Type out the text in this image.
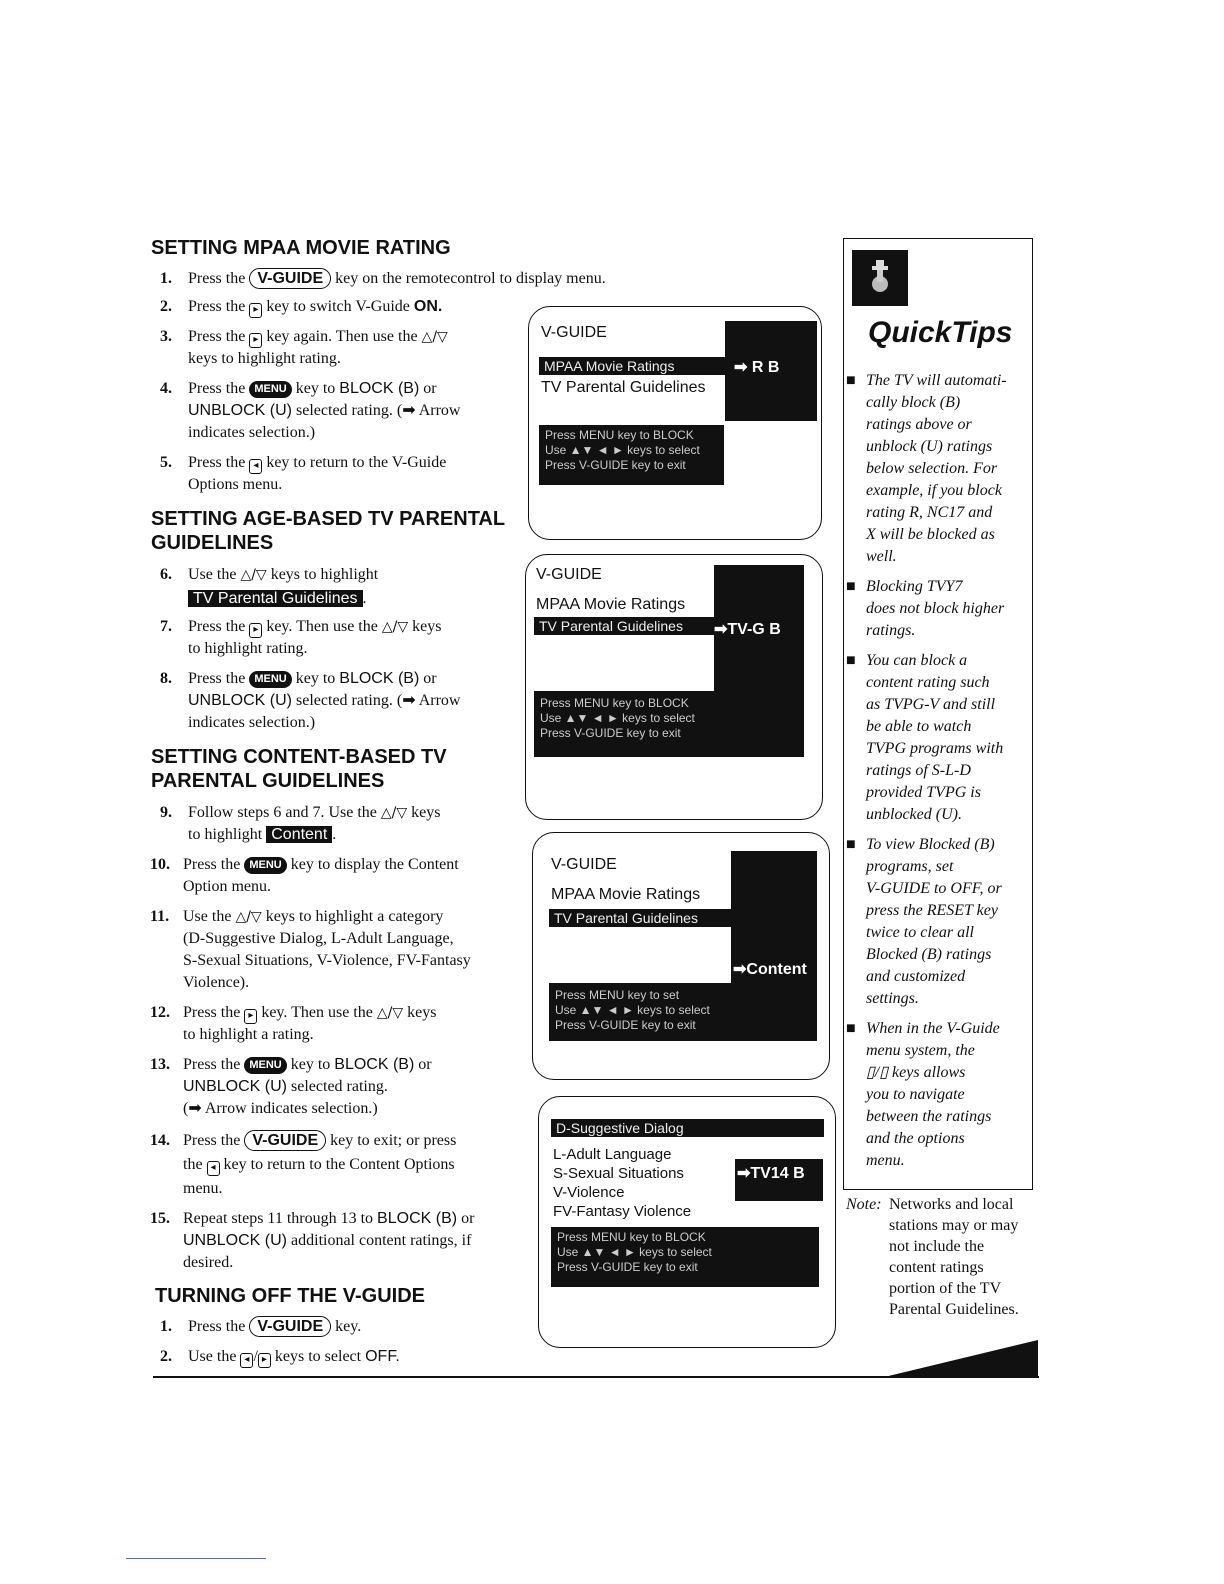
SETTING MPAA MOVIE RATING
1. Press the V-GUIDE key on the remotecontrol to display menu.
2. Press the ▸ key to switch V-Guide ON.
3. Press the ▸ key again. Then use the △/▽
keys to highlight rating.
4. Press the MENU key to BLOCK (B) or
UNBLOCK (U) selected rating. (➡ Arrow
indicates selection.)
5. Press the ◂ key to return to the V-Guide
Options menu.
SETTING AGE-BASED TV PARENTAL
GUIDELINES
6. Use the △/▽ keys to highlight
TV Parental Guidelines .
7. Press the ▸ key. Then use the △/▽ keys
to highlight rating.
8. Press the MENU key to BLOCK (B) or
UNBLOCK (U) selected rating. (➡ Arrow
indicates selection.)
SETTING CONTENT-BASED TV
PARENTAL GUIDELINES
9. Follow steps 6 and 7. Use the △/▽ keys
to highlight Content .
10. Press the MENU key to display the Content
Option menu.
11. Use the △/▽ keys to highlight a category
(D-Suggestive Dialog, L-Adult Language,
S-Sexual Situations, V-Violence, FV-Fantasy
Violence).
12. Press the ▸ key. Then use the △/▽ keys
to highlight a rating.
13. Press the MENU key to BLOCK (B) or
UNBLOCK (U) selected rating.
(➡ Arrow indicates selection.)
14. Press the V-GUIDE key to exit; or press
the ◂ key to return to the Content Options
menu.
15. Repeat steps 11 through 13 to BLOCK (B) or
UNBLOCK (U) additional content ratings, if
desired.
TURNING OFF THE V-GUIDE
1. Press the V-GUIDE key.
2. Use the ◂ / ▸ keys to select OFF.
V-GUIDE
MPAA Movie Ratings	➡ R B
TV Parental Guidelines
Press MENU key to BLOCK
Use ▲▼ ◄ ► keys to select
Press V-GUIDE key to exit
V-GUIDE
MPAA Movie Ratings
TV Parental Guidelines	➡TV-G B
Press MENU key to BLOCK
Use ▲▼ ◄ ► keys to select
Press V-GUIDE key to exit
V-GUIDE
MPAA Movie Ratings
TV Parental Guidelines
➡Content
Press MENU key to set
Use ▲▼ ◄ ► keys to select
Press V-GUIDE key to exit
D-Suggestive Dialog
L-Adult Language
S-Sexual Situations
V-Violence
FV-Fantasy Violence
➡TV14 B
Press MENU key to BLOCK
Use ▲▼ ◄ ► keys to select
Press V-GUIDE key to exit
QuickTips
■ The TV will automati-
cally block (B)
ratings above or
unblock (U) ratings
below selection. For
example, if you block
rating R, NC17 and
X will be blocked as
well.
■ Blocking TVY7
does not block higher
ratings.
■ You can block a
content rating such
as TVPG-V and still
be able to watch
TVPG programs with
ratings of S-L-D
provided TVPG is
unblocked (U).
■ To view Blocked (B)
programs, set
V-GUIDE to OFF, or
press the RESET key
twice to clear all
Blocked (B) ratings
and customized
settings.
■ When in the V-Guide
menu system, the
▯/▯ keys allows
you to navigate
between the ratings
and the options
menu.
Note: Networks and local
stations may or may
not include the
content ratings
portion of the TV
Parental Guidelines.
